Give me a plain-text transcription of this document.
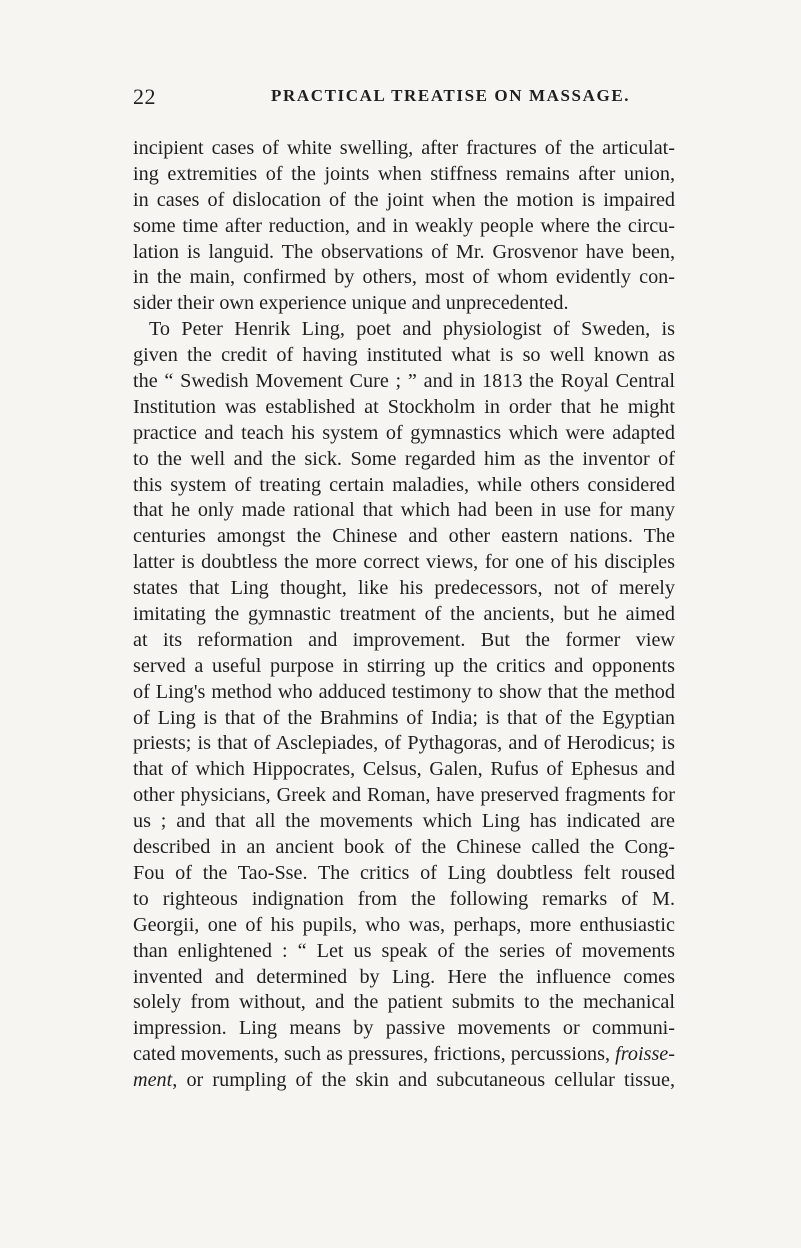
22	PRACTICAL TREATISE ON MASSAGE.
incipient cases of white swelling, after fractures of the articulat-
ing extremities of the joints when stiffness remains after union,
in cases of dislocation of the joint when the motion is impaired
some time after reduction, and in weakly people where the circu-
lation is languid. The observations of Mr. Grosvenor have been,
in the main, confirmed by others, most of whom evidently con-
sider their own experience unique and unprecedented.
To Peter Henrik Ling, poet and physiologist of Sweden, is
given the credit of having instituted what is so well known as
the “ Swedish Movement Cure ; ” and in 1813 the Royal Central
Institution was established at Stockholm in order that he might
practice and teach his system of gymnastics which were adapted
to the well and the sick. Some regarded him as the inventor of
this system of treating certain maladies, while others considered
that he only made rational that which had been in use for many
centuries amongst the Chinese and other eastern nations. The
latter is doubtless the more correct views, for one of his disciples
states that Ling thought, like his predecessors, not of merely
imitating the gymnastic treatment of the ancients, but he aimed
at its reformation and improvement. But the former view
served a useful purpose in stirring up the critics and opponents
of Ling's method who adduced testimony to show that the method
of Ling is that of the Brahmins of India; is that of the Egyptian
priests; is that of Asclepiades, of Pythagoras, and of Herodicus; is
that of which Hippocrates, Celsus, Galen, Rufus of Ephesus and
other physicians, Greek and Roman, have preserved fragments for
us ; and that all the movements which Ling has indicated are
described in an ancient book of the Chinese called the Cong-
Fou of the Tao-Sse. The critics of Ling doubtless felt roused
to righteous indignation from the following remarks of M.
Georgii, one of his pupils, who was, perhaps, more enthusiastic
than enlightened : “ Let us speak of the series of movements
invented and determined by Ling. Here the influence comes
solely from without, and the patient submits to the mechanical
impression. Ling means by passive movements or communi-
cated movements, such as pressures, frictions, percussions, froisse-
ment, or rumpling of the skin and subcutaneous cellular tissue,
